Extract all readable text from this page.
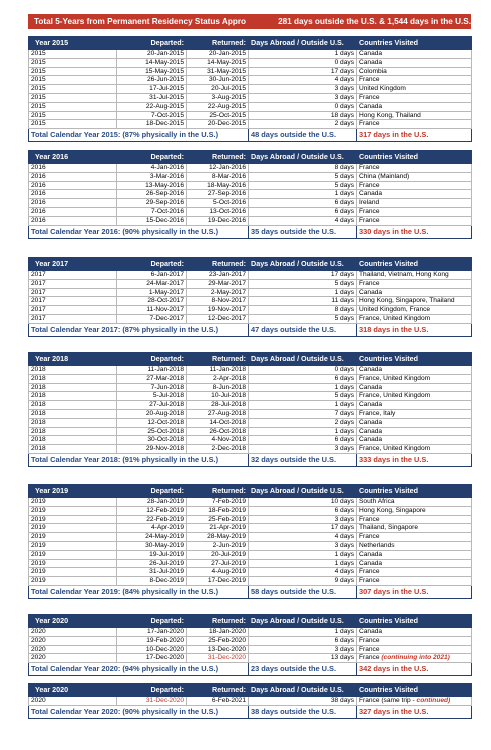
Total 5-Years from Permanent Residency Status Appro	281 days outside the U.S. & 1,544 days in the U.S.
Year 2015	Departed:	Returned:	Days Abroad / Outside U.S.	Countries Visited
2015	20-Jan-2015	20-Jan-2015	1 days	Canada
2015	14-May-2015	14-May-2015	0 days	Canada
2015	15-May-2015	31-May-2015	17 days	Colombia
2015	26-Jun-2015	30-Jun-2015	4 days	France
2015	17-Jul-2015	20-Jul-2015	3 days	United Kingdom
2015	31-Jul-2015	3-Aug-2015	3 days	France
2015	22-Aug-2015	22-Aug-2015	0 days	Canada
2015	7-Oct-2015	25-Oct-2015	18 days	Hong Kong, Thailand
2015	18-Dec-2015	20-Dec-2015	2 days	France
Total Calendar Year 2015: (87% physically in the U.S.)			48 days outside the U.S.	317 days in the U.S.
Year 2016	Departed:	Returned:	Days Abroad / Outside U.S.	Countries Visited
2016	4-Jan-2016	12-Jan-2016	8 days	France
2016	3-Mar-2016	8-Mar-2016	5 days	China (Mainland)
2016	13-May-2016	18-May-2016	5 days	France
2016	26-Sep-2016	27-Sep-2016	1 days	Canada
2016	29-Sep-2016	5-Oct-2016	6 days	Ireland
2016	7-Oct-2016	13-Oct-2016	6 days	France
2016	15-Dec-2016	19-Dec-2016	4 days	France
Total Calendar Year 2016: (90% physically in the U.S.)			35 days outside the U.S.	330 days in the U.S.
Year 2017	Departed:	Returned:	Days Abroad / Outside U.S.	Countries Visited
2017	6-Jan-2017	23-Jan-2017	17 days	Thailand, Vietnam, Hong Kong
2017	24-Mar-2017	29-Mar-2017	5 days	France
2017	1-May-2017	2-May-2017	1 days	Canada
2017	28-Oct-2017	8-Nov-2017	11 days	Hong Kong, Singapore, Thailand
2017	11-Nov-2017	19-Nov-2017	8 days	United Kingdom, France
2017	7-Dec-2017	12-Dec-2017	5 days	France, United Kingdom
Total Calendar Year 2017: (87% physically in the U.S.)			47 days outside the U.S.	318 days in the U.S.
Year 2018	Departed:	Returned:	Days Abroad / Outside U.S.	Countries Visited
2018	11-Jan-2018	11-Jan-2018	0 days	Canada
2018	27-Mar-2018	2-Apr-2018	6 days	France, United Kingdom
2018	7-Jun-2018	8-Jun-2018	1 days	Canada
2018	5-Jul-2018	10-Jul-2018	5 days	France, United Kingdom
2018	27-Jul-2018	28-Jul-2018	1 days	Canada
2018	20-Aug-2018	27-Aug-2018	7 days	France, Italy
2018	12-Oct-2018	14-Oct-2018	2 days	Canada
2018	25-Oct-2018	26-Oct-2018	1 days	Canada
2018	30-Oct-2018	4-Nov-2018	6 days	Canada
2018	29-Nov-2018	2-Dec-2018	3 days	France, United Kingdom
Total Calendar Year 2018: (91% physically in the U.S.)			32 days outside the U.S.	333 days in the U.S.
Year 2019	Departed:	Returned:	Days Abroad / Outside U.S.	Countries Visited
2019	28-Jan-2019	7-Feb-2019	10 days	South Africa
2019	12-Feb-2019	18-Feb-2019	6 days	Hong Kong, Singapore
2019	22-Feb-2019	25-Feb-2019	3 days	France
2019	4-Apr-2019	21-Apr-2019	17 days	Thailand, Singapore
2019	24-May-2019	28-May-2019	4 days	France
2019	30-May-2019	2-Jun-2019	3 days	Netherlands
2019	19-Jul-2019	20-Jul-2019	1 days	Canada
2019	26-Jul-2019	27-Jul-2019	1 days	Canada
2019	31-Jul-2019	4-Aug-2019	4 days	France
2019	8-Dec-2019	17-Dec-2019	9 days	France
Total Calendar Year 2019: (84% physically in the U.S.)			58 days outside the U.S.	307 days in the U.S.
Year 2020	Departed:	Returned:	Days Abroad / Outside U.S.	Countries Visited
2020	17-Jan-2020	18-Jan-2020	1 days	Canada
2020	19-Feb-2020	25-Feb-2020	6 days	France
2020	10-Dec-2020	13-Dec-2020	3 days	France
2020	17-Dec-2020	31-Dec-2020	13 days	France (continuing into 2021)
Total Calendar Year 2020: (94% physically in the U.S.)			23 days outside the U.S.	342 days in the U.S.
Year 2020	Departed:	Returned:	Days Abroad / Outside U.S.	Countries Visited
2020	31-Dec-2020	6-Feb-2021	38 days	France (same trip - continued)
Total Calendar Year 2020: (90% physically in the U.S.)			38 days outside the U.S.	327 days in the U.S.
